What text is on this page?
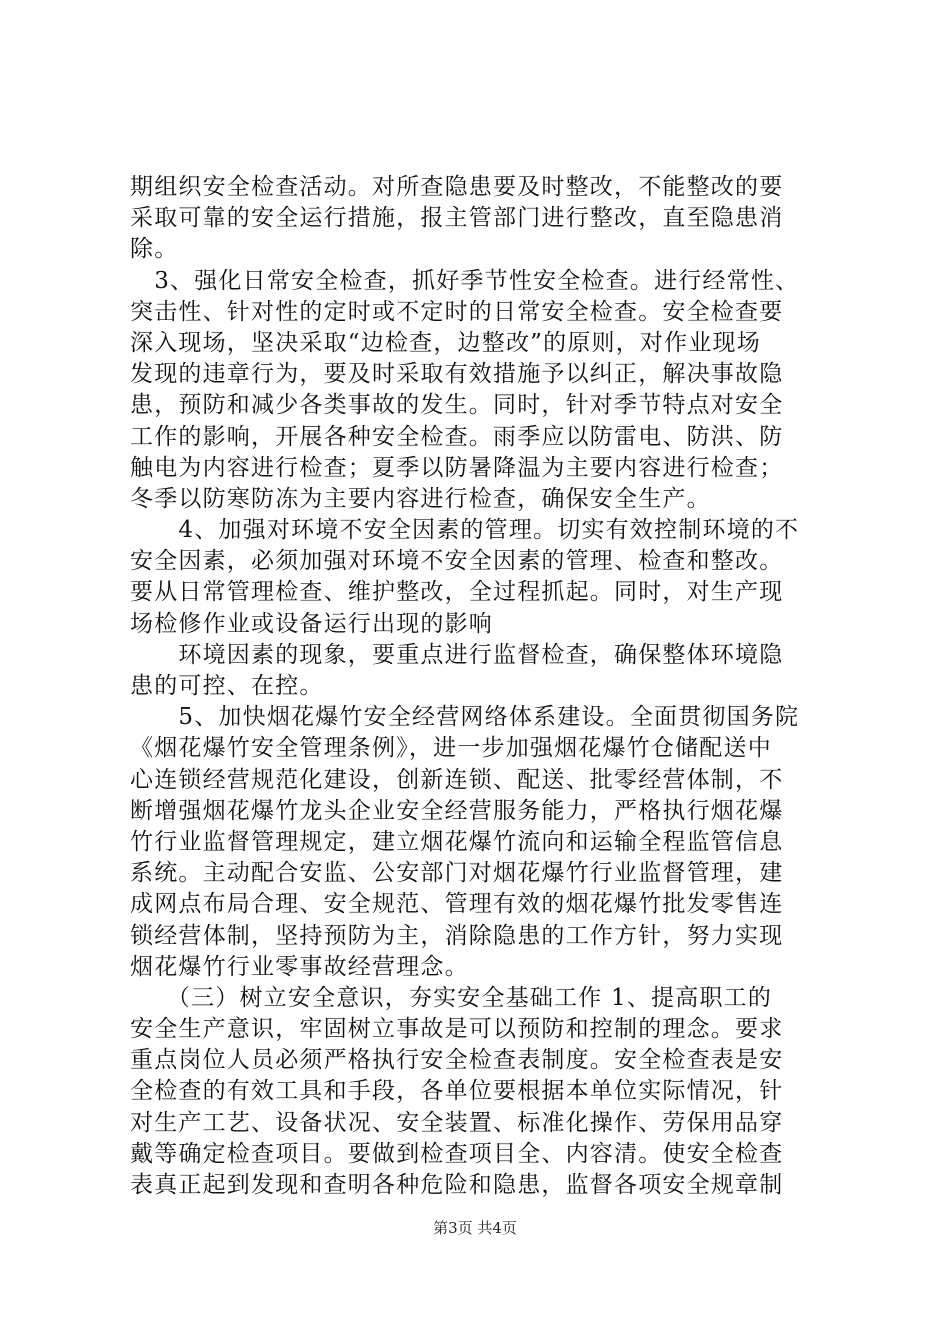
期组织安全检查活动。对所查隐患要及时整改，不能整改的要
采取可靠的安全运行措施，报主管部门进行整改，直至隐患消
除。
　3、强化日常安全检查，抓好季节性安全检查。进行经常性、
突击性、针对性的定时或不定时的日常安全检查。安全检查要
深入现场，坚决采取“边检查，边整改”的原则，对作业现场
发现的违章行为，要及时采取有效措施予以纠正，解决事故隐
患，预防和减少各类事故的发生。同时，针对季节特点对安全
工作的影响，开展各种安全检查。雨季应以防雷电、防洪、防
触电为内容进行检查；夏季以防暑降温为主要内容进行检查；
冬季以防寒防冻为主要内容进行检查，确保安全生产。
　　4、加强对环境不安全因素的管理。切实有效控制环境的不
安全因素，必须加强对环境不安全因素的管理、检查和整改。
要从日常管理检查、维护整改，全过程抓起。同时，对生产现
场检修作业或设备运行出现的影响
　　环境因素的现象，要重点进行监督检查，确保整体环境隐
患的可控、在控。
　　5、加快烟花爆竹安全经营网络体系建设。全面贯彻国务院
《烟花爆竹安全管理条例》，进一步加强烟花爆竹仓储配送中
心连锁经营规范化建设，创新连锁、配送、批零经营体制，不
断增强烟花爆竹龙头企业安全经营服务能力，严格执行烟花爆
竹行业监督管理规定，建立烟花爆竹流向和运输全程监管信息
系统。主动配合安监、公安部门对烟花爆竹行业监督管理，建
成网点布局合理、安全规范、管理有效的烟花爆竹批发零售连
锁经营体制，坚持预防为主，消除隐患的工作方针，努力实现
烟花爆竹行业零事故经营理念。
　　（三）树立安全意识，夯实安全基础工作 1、提高职工的
安全生产意识，牢固树立事故是可以预防和控制的理念。要求
重点岗位人员必须严格执行安全检查表制度。安全检查表是安
全检查的有效工具和手段，各单位要根据本单位实际情况，针
对生产工艺、设备状况、安全装置、标准化操作、劳保用品穿
戴等确定检查项目。要做到检查项目全、内容清。使安全检查
表真正起到发现和查明各种危险和隐患，监督各项安全规章制
第3页 共4页
